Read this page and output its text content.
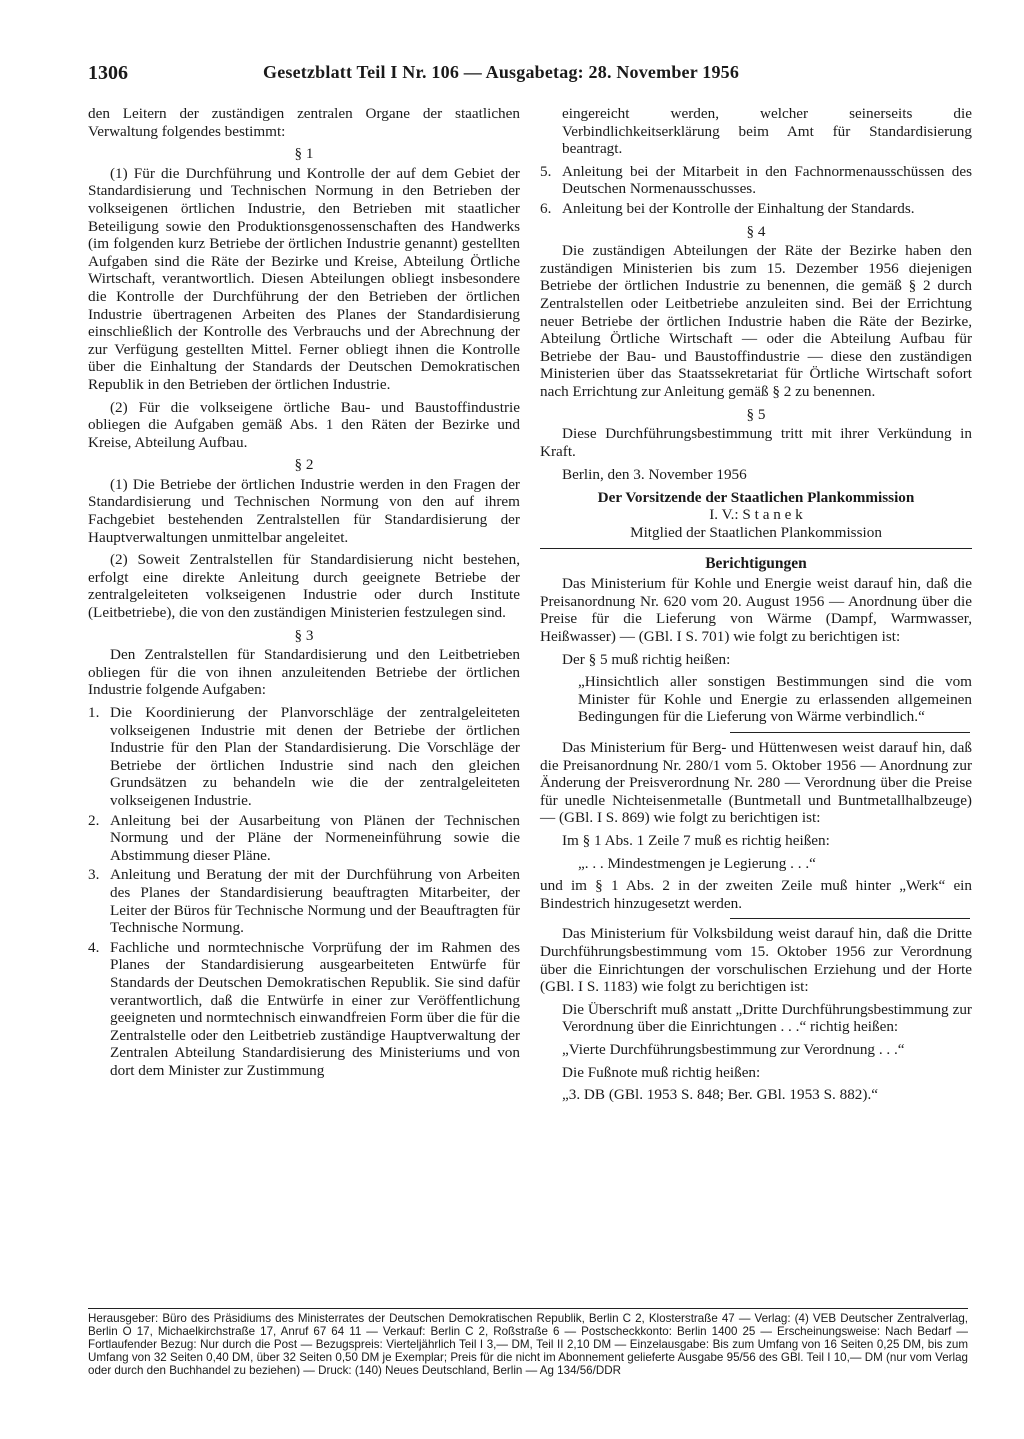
1306	Gesetzblatt Teil I Nr. 106 — Ausgabetag: 28. November 1956

den Leitern der zuständigen zentralen Organe der staatlichen Verwaltung folgendes bestimmt:

§ 1

(1) Für die Durchführung und Kontrolle der auf dem Gebiet der Standardisierung und Technischen Normung in den Betrieben der volkseigenen örtlichen Industrie, den Betrieben mit staatlicher Beteiligung sowie den Produktionsgenossenschaften des Handwerks (im folgenden kurz Betriebe der örtlichen Industrie genannt) gestellten Aufgaben sind die Räte der Bezirke und Kreise, Abteilung Örtliche Wirtschaft, verantwortlich. Diesen Abteilungen obliegt insbesondere die Kontrolle der Durchführung der den Betrieben der örtlichen Industrie übertragenen Arbeiten des Planes der Standardisierung einschließlich der Kontrolle des Verbrauchs und der Abrechnung der zur Verfügung gestellten Mittel. Ferner obliegt ihnen die Kontrolle über die Einhaltung der Standards der Deutschen Demokratischen Republik in den Betrieben der örtlichen Industrie.

(2) Für die volkseigene örtliche Bau- und Baustoffindustrie obliegen die Aufgaben gemäß Abs. 1 den Räten der Bezirke und Kreise, Abteilung Aufbau.

§ 2

(1) Die Betriebe der örtlichen Industrie werden in den Fragen der Standardisierung und Technischen Normung von den auf ihrem Fachgebiet bestehenden Zentralstellen für Standardisierung der Hauptverwaltungen unmittelbar angeleitet.

(2) Soweit Zentralstellen für Standardisierung nicht bestehen, erfolgt eine direkte Anleitung durch geeignete Betriebe der zentralgeleiteten volkseigenen Industrie oder durch Institute (Leitbetriebe), die von den zuständigen Ministerien festzulegen sind.

§ 3

Den Zentralstellen für Standardisierung und den Leitbetrieben obliegen für die von ihnen anzuleitenden Betriebe der örtlichen Industrie folgende Aufgaben:

1. Die Koordinierung der Planvorschläge der zentralgeleiteten volkseigenen Industrie mit denen der Betriebe der örtlichen Industrie für den Plan der Standardisierung. Die Vorschläge der Betriebe der örtlichen Industrie sind nach den gleichen Grundsätzen zu behandeln wie die der zentralgeleiteten volkseigenen Industrie.
2. Anleitung bei der Ausarbeitung von Plänen der Technischen Normung und der Pläne der Normeneinführung sowie die Abstimmung dieser Pläne.
3. Anleitung und Beratung der mit der Durchführung von Arbeiten des Planes der Standardisierung beauftragten Mitarbeiter, der Leiter der Büros für Technische Normung und der Beauftragten für Technische Normung.
4. Fachliche und normtechnische Vorprüfung der im Rahmen des Planes der Standardisierung ausgearbeiteten Entwürfe für Standards der Deutschen Demokratischen Republik. Sie sind dafür verantwortlich, daß die Entwürfe in einer zur Veröffentlichung geeigneten und normtechnisch einwandfreien Form über die für die Zentralstelle oder den Leitbetrieb zuständige Hauptverwaltung der Zentralen Abteilung Standardisierung des Ministeriums und von dort dem Minister zur Zustimmung

eingereicht werden, welcher seinerseits die Verbindlichkeitserklärung beim Amt für Standardisierung beantragt.

5. Anleitung bei der Mitarbeit in den Fachnormenausschüssen des Deutschen Normenausschusses.
6. Anleitung bei der Kontrolle der Einhaltung der Standards.
§ 4

Die zuständigen Abteilungen der Räte der Bezirke haben den zuständigen Ministerien bis zum 15. Dezember 1956 diejenigen Betriebe der örtlichen Industrie zu benennen, die gemäß § 2 durch Zentralstellen oder Leitbetriebe anzuleiten sind. Bei der Errichtung neuer Betriebe der örtlichen Industrie haben die Räte der Bezirke, Abteilung Örtliche Wirtschaft — oder die Abteilung Aufbau für Betriebe der Bau- und Baustoffindustrie — diese den zuständigen Ministerien über das Staatssekretariat für Örtliche Wirtschaft sofort nach Errichtung zur Anleitung gemäß § 2 zu benennen.

§ 5

Diese Durchführungsbestimmung tritt mit ihrer Verkündung in Kraft.

Berlin, den 3. November 1956

Der Vorsitzende der Staatlichen Plankommission

I. V.: S t a n e k

Mitglied der Staatlichen Plankommission

Berichtigungen

Das Ministerium für Kohle und Energie weist darauf hin, daß die Preisanordnung Nr. 620 vom 20. August 1956 — Anordnung über die Preise für die Lieferung von Wärme (Dampf, Warmwasser, Heißwasser) — (GBl. I S. 701) wie folgt zu berichtigen ist:

Der § 5 muß richtig heißen:

„Hinsichtlich aller sonstigen Bestimmungen sind die vom Minister für Kohle und Energie zu erlassenden allgemeinen Bedingungen für die Lieferung von Wärme verbindlich.“

Das Ministerium für Berg- und Hüttenwesen weist darauf hin, daß die Preisanordnung Nr. 280/1 vom 5. Oktober 1956 — Anordnung zur Änderung der Preisverordnung Nr. 280 — Verordnung über die Preise für unedle Nichteisenmetalle (Buntmetall und Buntmetallhalbzeuge) — (GBl. I S. 869) wie folgt zu berichtigen ist:

Im § 1 Abs. 1 Zeile 7 muß es richtig heißen:

„. . . Mindestmengen je Legierung . . .“

und im § 1 Abs. 2 in der zweiten Zeile muß hinter „Werk“ ein Bindestrich hinzugesetzt werden.

Das Ministerium für Volksbildung weist darauf hin, daß die Dritte Durchführungsbestimmung vom 15. Oktober 1956 zur Verordnung über die Einrichtungen der vorschulischen Erziehung und der Horte (GBl. I S. 1183) wie folgt zu berichtigen ist:

Die Überschrift muß anstatt „Dritte Durchführungsbestimmung zur Verordnung über die Einrichtungen . . .“ richtig heißen:

„Vierte Durchführungsbestimmung zur Verordnung . . .“

Die Fußnote muß richtig heißen:

„3. DB (GBl. 1953 S. 848; Ber. GBl. 1953 S. 882).“

Herausgeber: Büro des Präsidiums des Ministerrates der Deutschen Demokratischen Republik, Berlin C 2, Klosterstraße 47 — Verlag: (4) VEB Deutscher Zentralverlag, Berlin O 17, Michaelkirchstraße 17, Anruf 67 64 11 — Verkauf: Berlin C 2, Roßstraße 6 — Postscheckkonto: Berlin 1400 25 — Erscheinungsweise: Nach Bedarf — Fortlaufender Bezug: Nur durch die Post — Bezugspreis: Vierteljährlich Teil I 3,— DM, Teil II 2,10 DM — Einzelausgabe: Bis zum Umfang von 16 Seiten 0,25 DM, bis zum Umfang von 32 Seiten 0,40 DM, über 32 Seiten 0,50 DM je Exemplar; Preis für die nicht im Abonnement gelieferte Ausgabe 95/56 des GBl. Teil I 10,— DM (nur vom Verlag oder durch den Buchhandel zu beziehen) — Druck: (140) Neues Deutschland, Berlin — Ag 134/56/DDR
